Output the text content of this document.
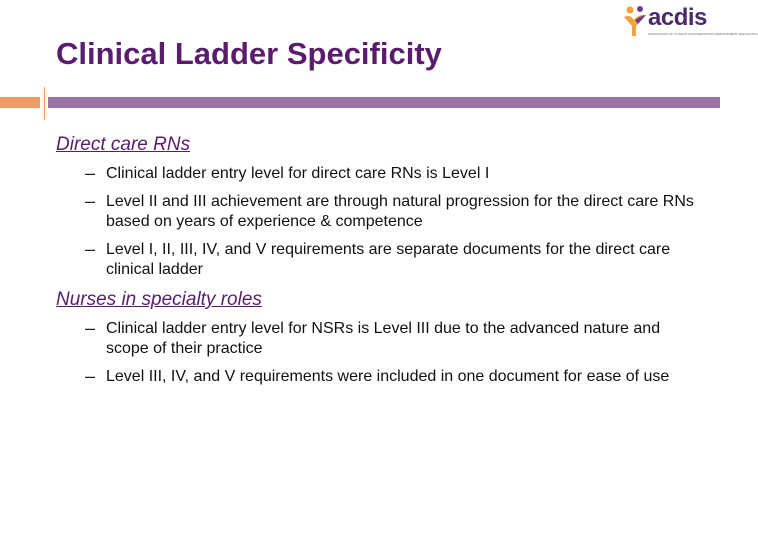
Clinical Ladder Specificity
acdis
ASSOCIATION OF CLINICAL DOCUMENTATION IMPROVEMENT SPECIALISTS

Direct care RNs

– Clinical ladder entry level for direct care RNs is Level I
– Level II and III achievement are through natural progression for the direct care RNs based on years of experience & competence
– Level I, II, III, IV, and V requirements are separate documents for the direct care clinical ladder

Nurses in specialty roles

– Clinical ladder entry level for NSRs is Level III due to the advanced nature and scope of their practice
– Level III, IV, and V requirements were included in one document for ease of use
